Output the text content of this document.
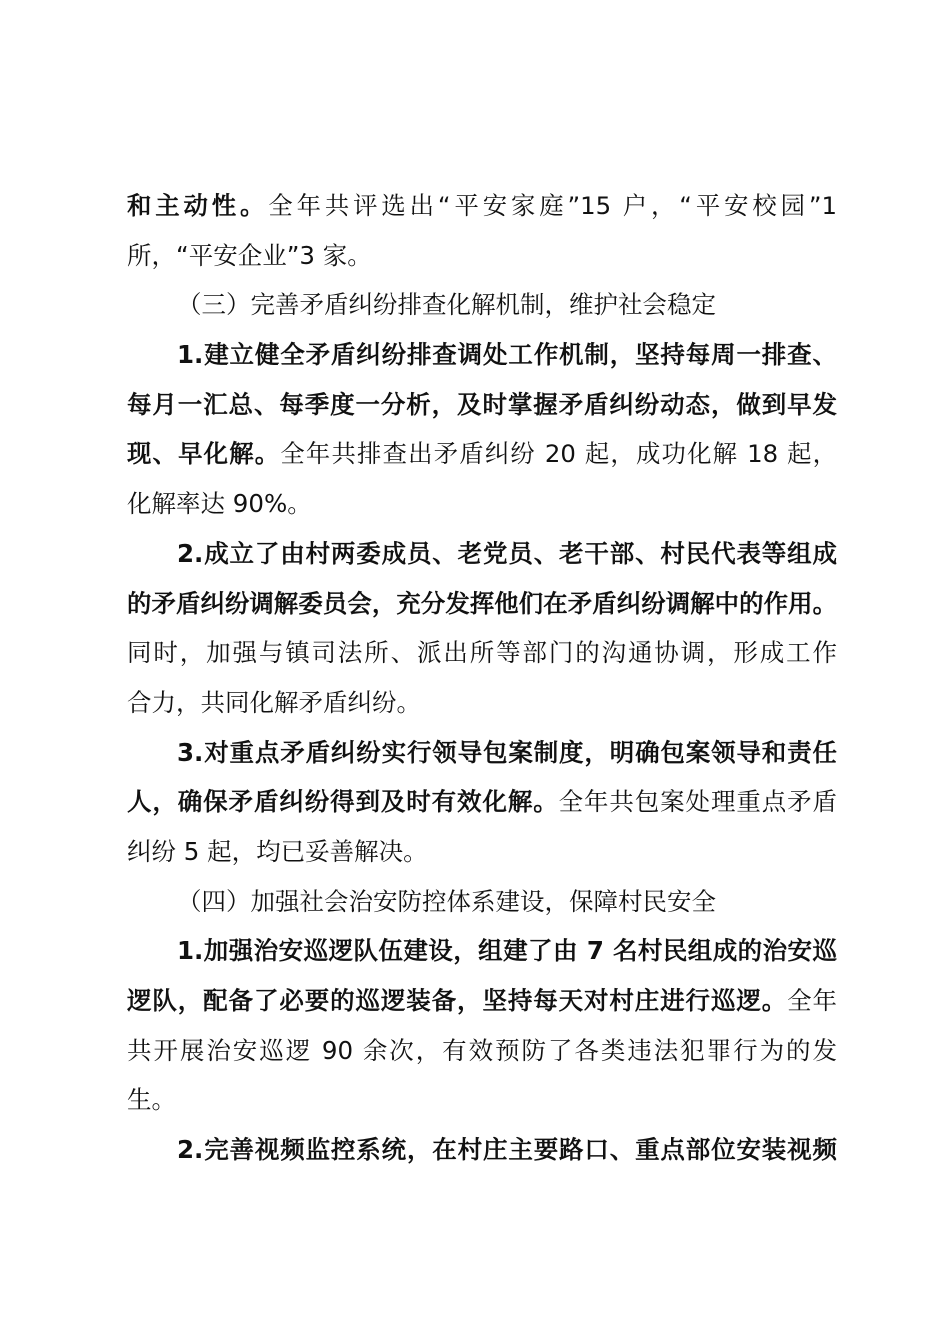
和主动性。全年共评选出“平安家庭”15 户，“平安校园”1
所，“平安企业”3 家。
（三）完善矛盾纠纷排查化解机制，维护社会稳定
1.建立健全矛盾纠纷排查调处工作机制，坚持每周一排查、
每月一汇总、每季度一分析，及时掌握矛盾纠纷动态，做到早发
现、早化解。全年共排查出矛盾纠纷 20 起，成功化解 18 起，
化解率达 90%。
2.成立了由村两委成员、老党员、老干部、村民代表等组成
的矛盾纠纷调解委员会，充分发挥他们在矛盾纠纷调解中的作用。
同时，加强与镇司法所、派出所等部门的沟通协调，形成工作
合力，共同化解矛盾纠纷。
3.对重点矛盾纠纷实行领导包案制度，明确包案领导和责任
人，确保矛盾纠纷得到及时有效化解。全年共包案处理重点矛盾
纠纷 5 起，均已妥善解决。
（四）加强社会治安防控体系建设，保障村民安全
1.加强治安巡逻队伍建设，组建了由 7 名村民组成的治安巡
逻队，配备了必要的巡逻装备，坚持每天对村庄进行巡逻。全年
共开展治安巡逻 90 余次，有效预防了各类违法犯罪行为的发
生。
2.完善视频监控系统，在村庄主要路口、重点部位安装视频
